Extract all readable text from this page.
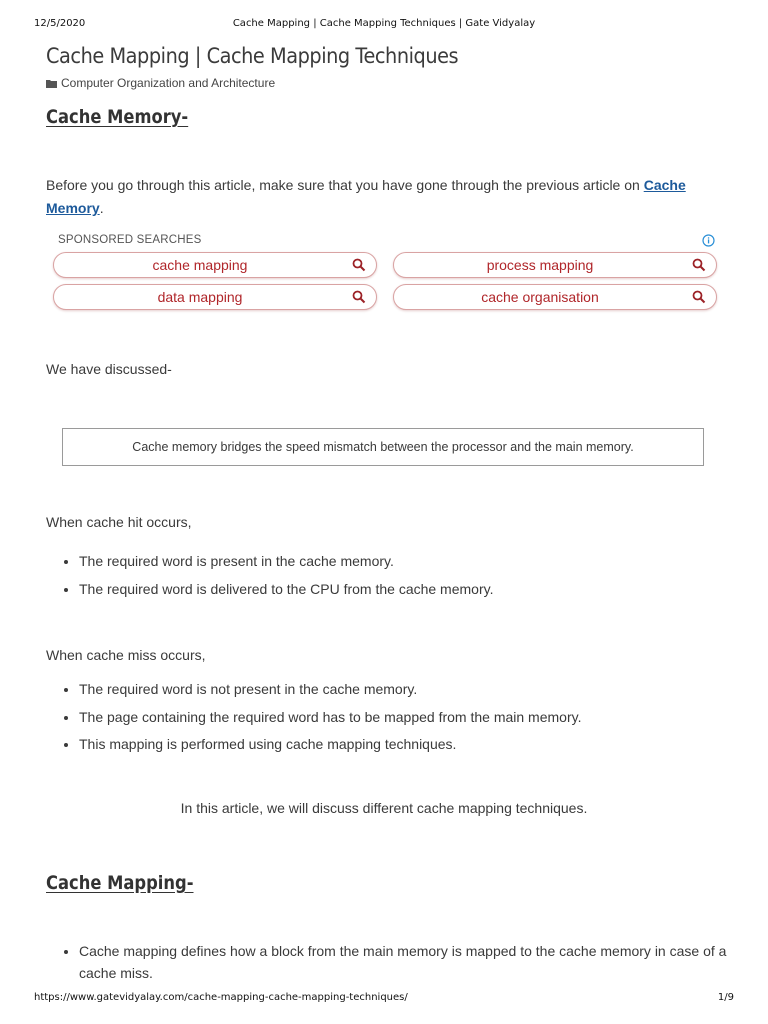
12/5/2020	Cache Mapping | Cache Mapping Techniques | Gate Vidyalay
Cache Mapping | Cache Mapping Techniques
Computer Organization and Architecture
Cache Memory-

Before you go through this article, make sure that you have gone through the previous article on Cache Memory.

SPONSORED SEARCHES
cache mapping	process mapping
data mapping	cache organisation

We have discussed-

Cache memory bridges the speed mismatch between the processor and the main memory.

When cache hit occurs,

• The required word is present in the cache memory.
• The required word is delivered to the CPU from the cache memory.

When cache miss occurs,

• The required word is not present in the cache memory.
• The page containing the required word has to be mapped from the main memory.
• This mapping is performed using cache mapping techniques.
In this article, we will discuss different cache mapping techniques.
Cache Mapping-
• Cache mapping defines how a block from the main memory is mapped to the cache memory in case of a cache miss.
https://www.gatevidyalay.com/cache-mapping-cache-mapping-techniques/	1/9
